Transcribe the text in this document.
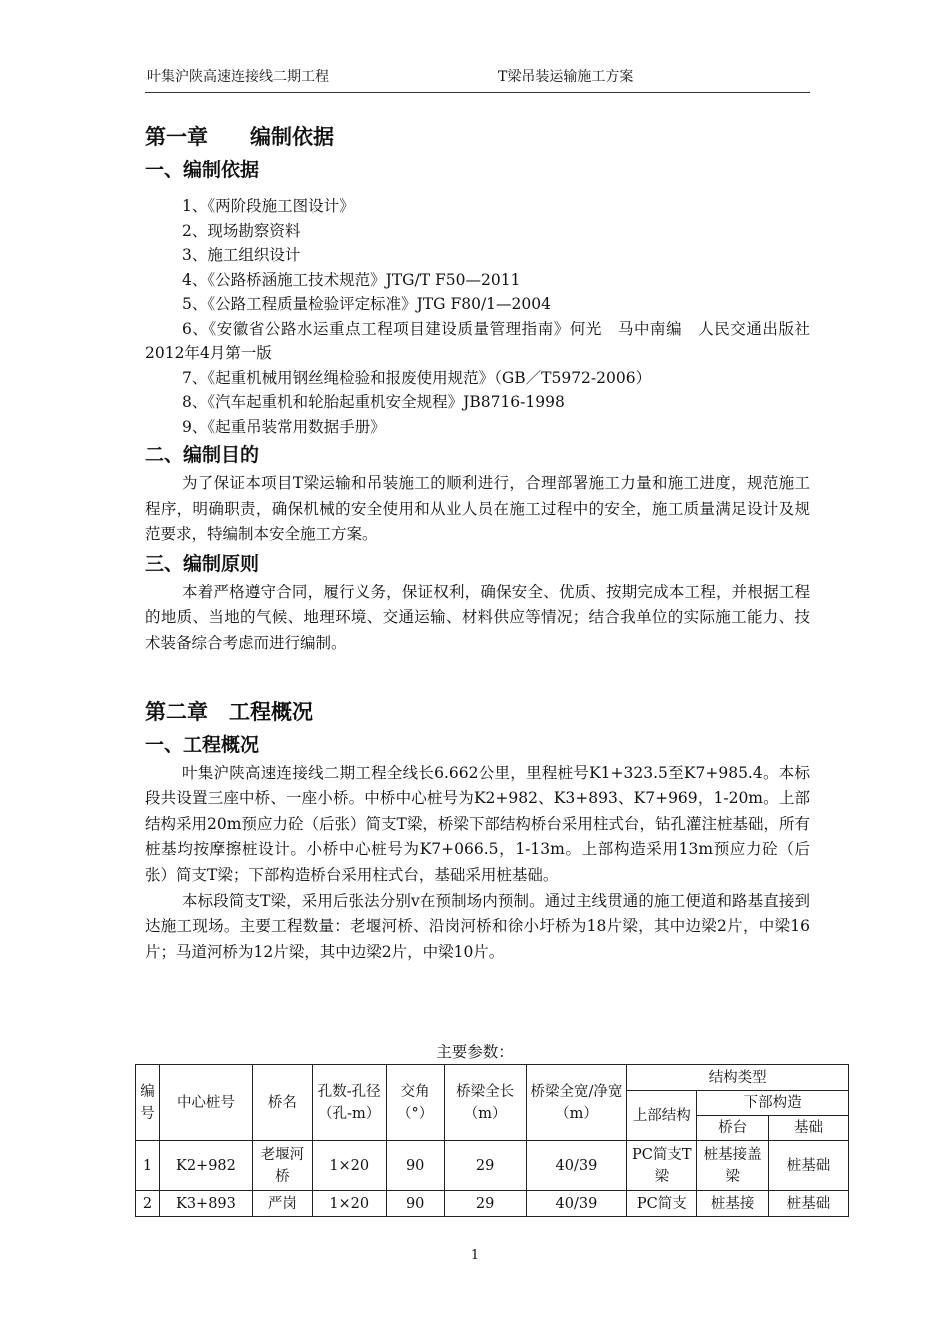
叶集沪陕高速连接线二期工程	T梁吊装运输施工方案
第一章　　编制依据
一、编制依据
1、《两阶段施工图设计》
2、现场勘察资料
3、施工组织设计
4、《公路桥涵施工技术规范》JTG/T F50—2011
5、《公路工程质量检验评定标准》JTG F80/1—2004
6、《安徽省公路水运重点工程项目建设质量管理指南》何光　马中南编　人民交通出版社2012年4月第一版
7、《起重机械用钢丝绳检验和报废使用规范》（GB／T5972-2006）
8、《汽车起重机和轮胎起重机安全规程》JB8716-1998
9、《起重吊装常用数据手册》
二、编制目的

为了保证本项目T梁运输和吊装施工的顺利进行，合理部署施工力量和施工进度，规范施工程序，明确职责，确保机械的安全使用和从业人员在施工过程中的安全，施工质量满足设计及规范要求，特编制本安全施工方案。

三、编制原则

本着严格遵守合同，履行义务，保证权利，确保安全、优质、按期完成本工程，并根据工程的地质、当地的气候、地理环境、交通运输、材料供应等情况；结合我单位的实际施工能力、技术装备综合考虑而进行编制。

第二章　工程概况
一、工程概况

叶集沪陕高速连接线二期工程全线长6.662公里，里程桩号K1+323.5至K7+985.4。本标段共设置三座中桥、一座小桥。中桥中心桩号为K2+982、K3+893、K7+969，1-20m。上部结构采用20m预应力砼（后张）简支T梁，桥梁下部结构桥台采用柱式台，钻孔灌注桩基础，所有桩基均按摩擦桩设计。小桥中心桩号为K7+066.5，1-13m。上部构造采用13m预应力砼（后张）简支T梁；下部构造桥台采用柱式台，基础采用桩基础。

本标段简支T梁，采用后张法分别v在预制场内预制。通过主线贯通的施工便道和路基直接到达施工现场。主要工程数量：老堰河桥、沿岗河桥和徐小圩桥为18片梁，其中边梁2片，中梁16片；马道河桥为12片梁，其中边梁2片，中梁10片。

主要参数：
编号	中心桩号	桥名	孔数-孔径（孔-m）	交角（°）	桥梁全长（m）	桥梁全宽/净宽（m）	结构类型		
							上部结构	下部构造	
								桥台	基础
1	K2+982	老堰河桥	1×20	90	29	40/39	PC简支T梁	桩基接盖梁	桩基础
2	K3+893	严岗	1×20	90	29	40/39	PC简支	桩基接	桩基础
1
